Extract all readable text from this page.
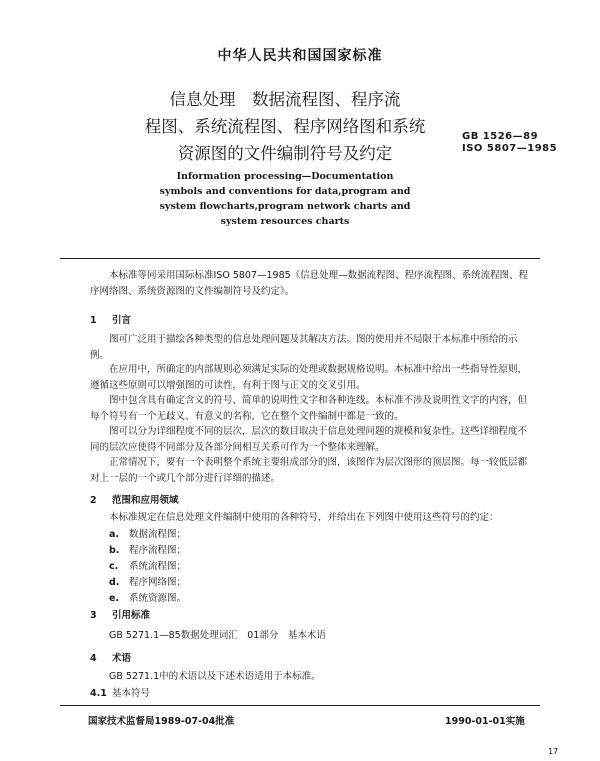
中华人民共和国国家标准
信息处理　数据流程图、程序流
程图、系统流程图、程序网络图和系统
资源图的文件编制符号及约定
GB 1526—89
ISO 5807—1985
Information processing—Documentation
symbols and conventions for data,program and
system flowcharts,program network charts and
system resources charts
本标准等同采用国际标准ISO 5807—1985《信息处理—数据流程图、程序流程图、系统流程图、程序网络图、系统资源图的文件编制符号及约定》。
1 引言
图可广泛用于描绘各种类型的信息处理问题及其解决方法。图的使用并不局限于本标准中所给的示例。
在应用中，所确定的内部规则必须满足实际的处理或数据规格说明。本标准中给出一些指导性原则，遵循这些原则可以增强图的可读性，有利于图与正文的交叉引用。
图中包含具有确定含义的符号、简单的说明性文字和各种连线。本标准不涉及说明性文字的内容，但每个符号有一个无歧义、有意义的名称，它在整个文件编制中都是一致的。
图可以分为详细程度不同的层次，层次的数目取决于信息处理问题的规模和复杂性。这些详细程度不同的层次应使得不同部分及各部分间相互关系可作为一个整体来理解。
正常情况下，要有一个表明整个系统主要组成部分的图，该图作为层次图形的顶层图。每一较低层都对上一层的一个或几个部分进行详细的描述。
2 范围和应用领域
本标准规定在信息处理文件编制中使用的各种符号，并给出在下列图中使用这些符号的约定：
a. 数据流程图；
b. 程序流程图；
c. 系统流程图；
d. 程序网络图；
e. 系统资源图。
3 引用标准
GB 5271.1—85数据处理词汇　01部分　基本术语
4 术语
GB 5271.1中的术语以及下述术语适用于本标准。
4.1 基本符号
国家技术监督局1989-07-04批准	1990-01-01实施
17
